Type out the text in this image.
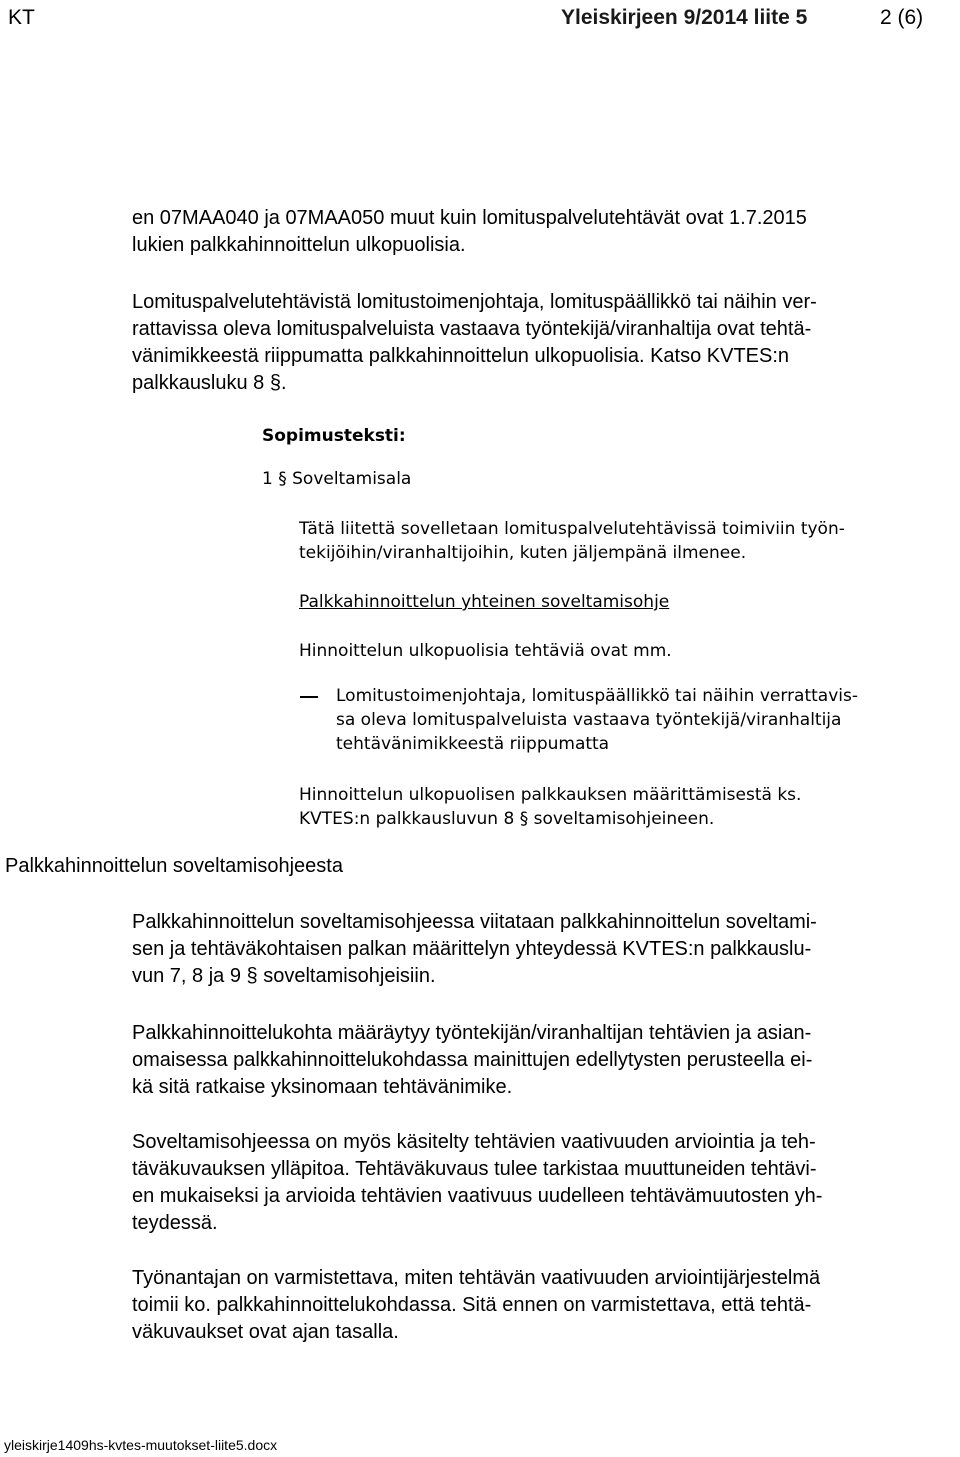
KT	Yleiskirjeen 9/2014 liite 5	2 (6)
en 07MAA040 ja 07MAA050 muut kuin lomituspalvelutehtävät ovat 1.7.2015
lukien palkkahinnoittelun ulkopuolisia.
Lomituspalvelutehtävistä lomitustoimenjohtaja, lomituspäällikkö tai näihin ver-
rattavissa oleva lomituspalveluista vastaava työntekijä/viranhaltija ovat tehtä-
vänimikkeestä riippumatta palkkahinnoittelun ulkopuolisia. Katso KVTES:n
palkkausluku 8 §.
Sopimusteksti:
1 § Soveltamisala
Tätä liitettä sovelletaan lomituspalvelutehtävissä toimiviin työn-
tekijöihin/viranhaltijoihin, kuten jäljempänä ilmenee.
Palkkahinnoittelun yhteinen soveltamisohje
Hinnoittelun ulkopuolisia tehtäviä ovat mm.
Lomitustoimenjohtaja, lomituspäällikkö tai näihin verrattavis-
sa oleva lomituspalveluista vastaava työntekijä/viranhaltija
tehtävänimikkeestä riippumatta
Hinnoittelun ulkopuolisen palkkauksen määrittämisestä ks.
KVTES:n palkkausluvun 8 § soveltamisohjeineen.
Palkkahinnoittelun soveltamisohjeesta
Palkkahinnoittelun soveltamisohjeessa viitataan palkkahinnoittelun soveltami-
sen ja tehtäväkohtaisen palkan määrittelyn yhteydessä KVTES:n palkkauslu-
vun 7, 8 ja 9 § soveltamisohjeisiin.
Palkkahinnoittelukohta määräytyy työntekijän/viranhaltijan tehtävien ja asian-
omaisessa palkkahinnoittelukohdassa mainittujen edellytysten perusteella ei-
kä sitä ratkaise yksinomaan tehtävänimike.
Soveltamisohjeessa on myös käsitelty tehtävien vaativuuden arviointia ja teh-
täväkuvauksen ylläpitoa. Tehtäväkuvaus tulee tarkistaa muuttuneiden tehtävi-
en mukaiseksi ja arvioida tehtävien vaativuus uudelleen tehtävämuutosten yh-
teydessä.
Työnantajan on varmistettava, miten tehtävän vaativuuden arviointijärjestelmä
toimii ko. palkkahinnoittelukohdassa. Sitä ennen on varmistettava, että tehtä-
väkuvaukset ovat ajan tasalla.
yleiskirje1409hs-kvtes-muutokset-liite5.docx
